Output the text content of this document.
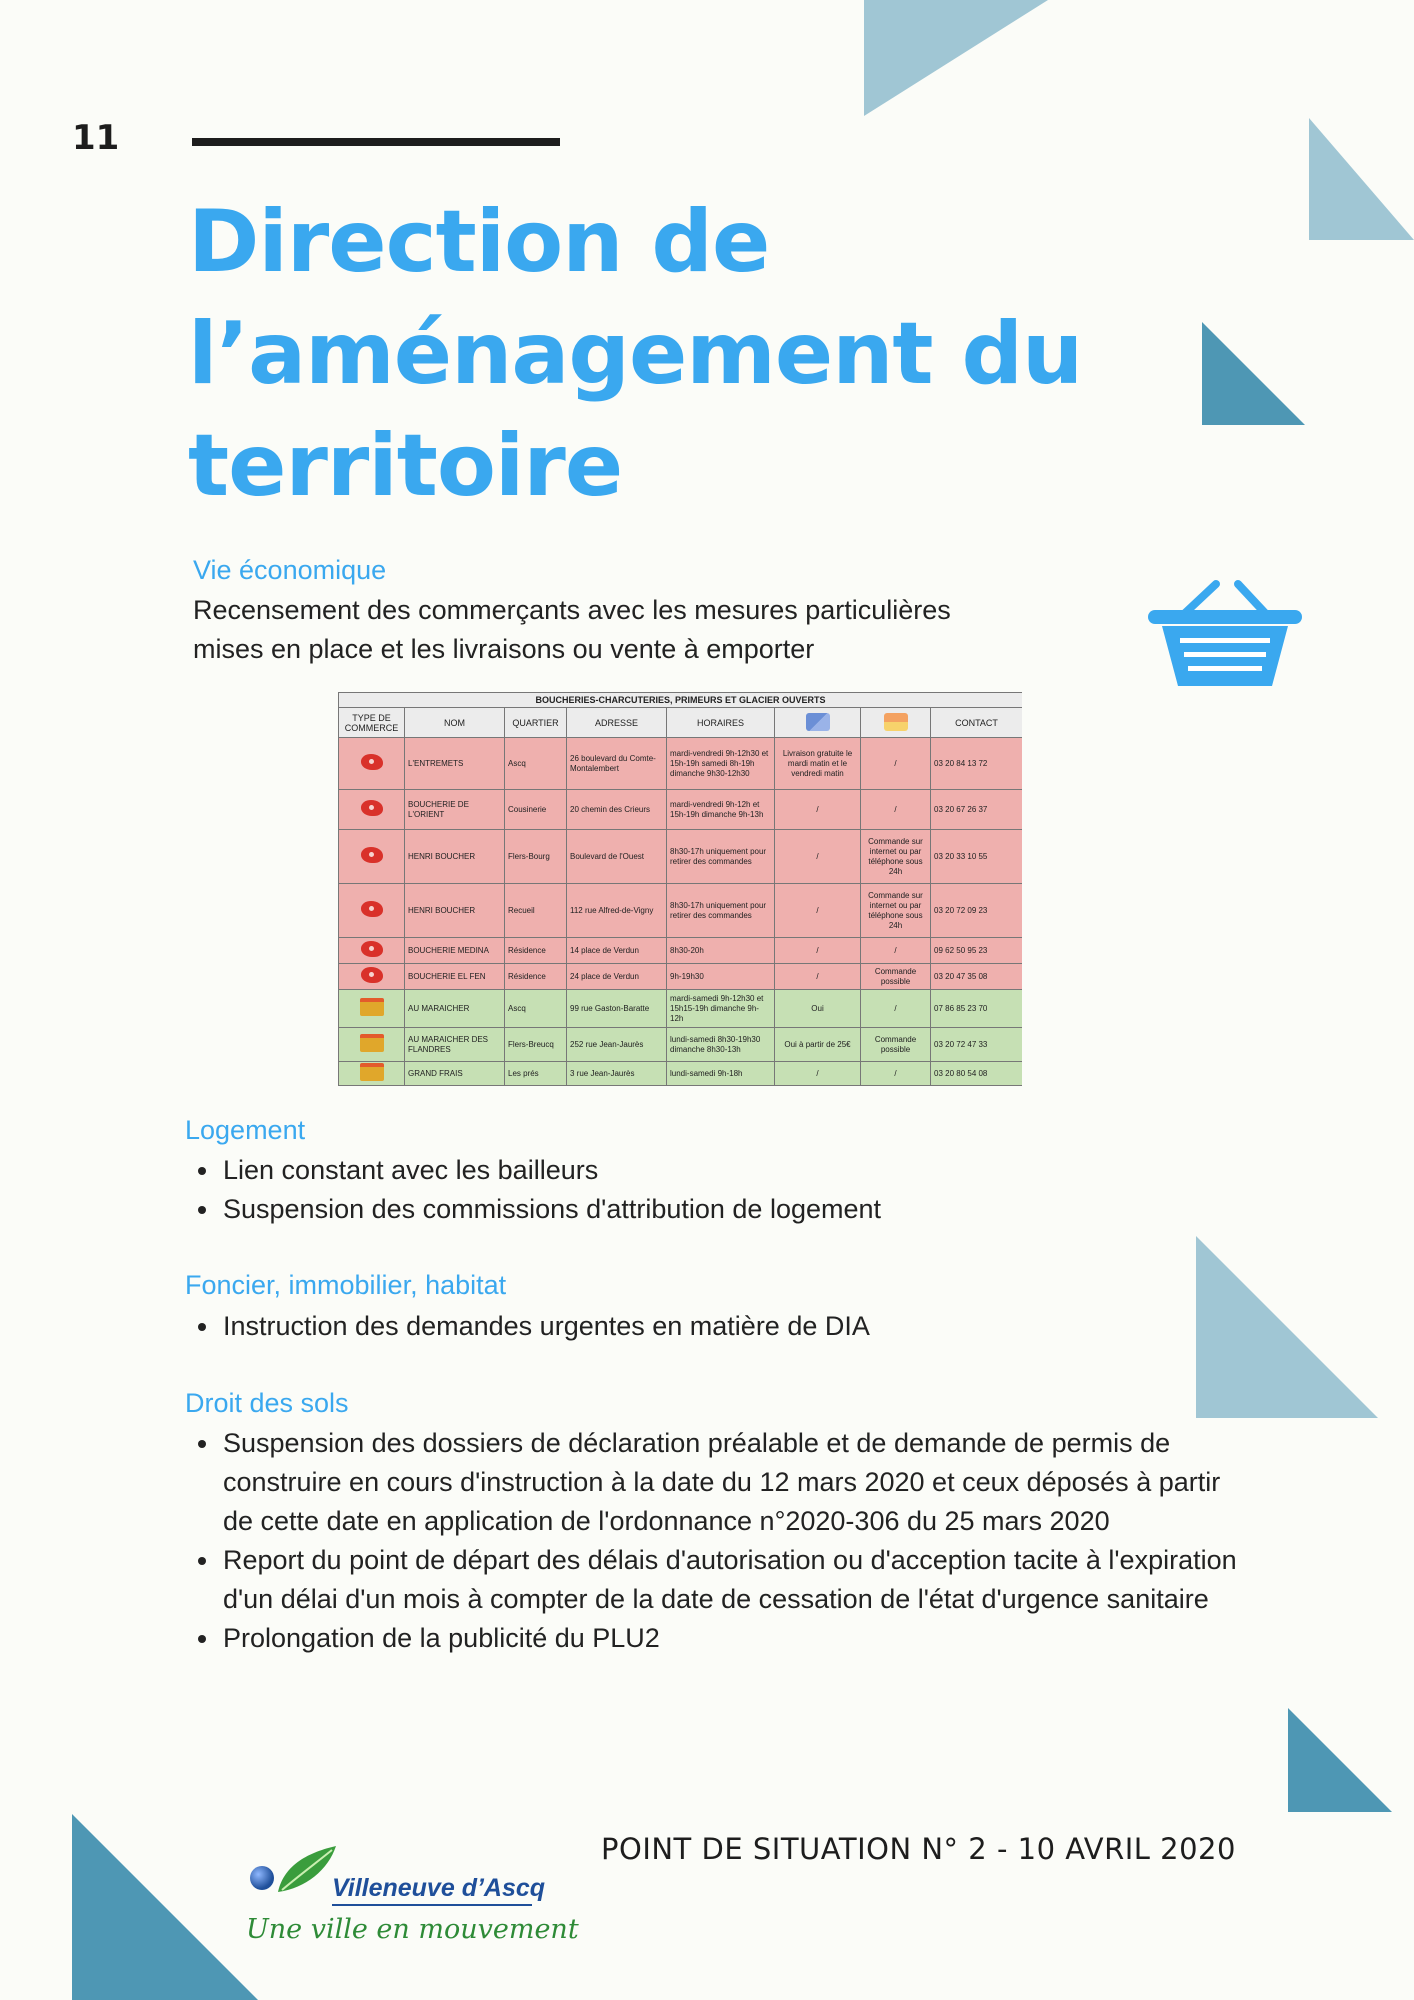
11
Direction de l’aménagement du territoire
Vie économique
Recensement des commerçants avec les mesures particulières mises en place et les livraisons ou vente à emporter
BOUCHERIES-CHARCUTERIES, PRIMEURS ET GLACIER OUVERTS							
TYPE DE COMMERCE	NOM	QUARTIER	ADRESSE	HORAIRES			CONTACT
	L'ENTREMETS	Ascq	26 boulevard du Comte-Montalembert	mardi-vendredi 9h-12h30 et 15h-19h samedi 8h-19h dimanche 9h30-12h30	Livraison gratuite le mardi matin et le vendredi matin	/	03 20 84 13 72
	BOUCHERIE DE L'ORIENT	Cousinerie	20 chemin des Crieurs	mardi-vendredi 9h-12h et 15h-19h dimanche 9h-13h	/	/	03 20 67 26 37
	HENRI BOUCHER	Flers-Bourg	Boulevard de l'Ouest	8h30-17h uniquement pour retirer des commandes	/	Commande sur internet ou par téléphone sous 24h	03 20 33 10 55
	HENRI BOUCHER	Recueil	112 rue Alfred-de-Vigny	8h30-17h uniquement pour retirer des commandes	/	Commande sur internet ou par téléphone sous 24h	03 20 72 09 23
	BOUCHERIE MEDINA	Résidence	14 place de Verdun	8h30-20h	/	/	09 62 50 95 23
	BOUCHERIE EL FEN	Résidence	24 place de Verdun	9h-19h30	/	Commande possible	03 20 47 35 08
	AU MARAICHER	Ascq	99 rue Gaston-Baratte	mardi-samedi 9h-12h30 et 15h15-19h dimanche 9h-12h	Oui	/	07 86 85 23 70
	AU MARAICHER DES FLANDRES	Flers-Breucq	252 rue Jean-Jaurès	lundi-samedi 8h30-19h30 dimanche 8h30-13h	Oui à partir de 25€	Commande possible	03 20 72 47 33
	GRAND FRAIS	Les prés	3 rue Jean-Jaurès	lundi-samedi 9h-18h	/	/	03 20 80 54 08
Logement
• Lien constant avec les bailleurs
• Suspension des commissions d'attribution de logement
Foncier, immobilier, habitat
• Instruction des demandes urgentes en matière de DIA
Droit des sols
• Suspension des dossiers de déclaration préalable et de demande de permis de construire en cours d'instruction à la date du 12 mars 2020 et ceux déposés à partir de cette date en application de l'ordonnance n°2020-306 du 25 mars 2020
• Report du point de départ des délais d'autorisation ou d'acception tacite à l'expiration d'un délai d'un mois à compter de la date de cessation de l'état d'urgence sanitaire
• Prolongation de la publicité du PLU2
POINT DE SITUATION N° 2 - 10 AVRIL 2020
Villeneuve d’Ascq
Une ville en mouvement
